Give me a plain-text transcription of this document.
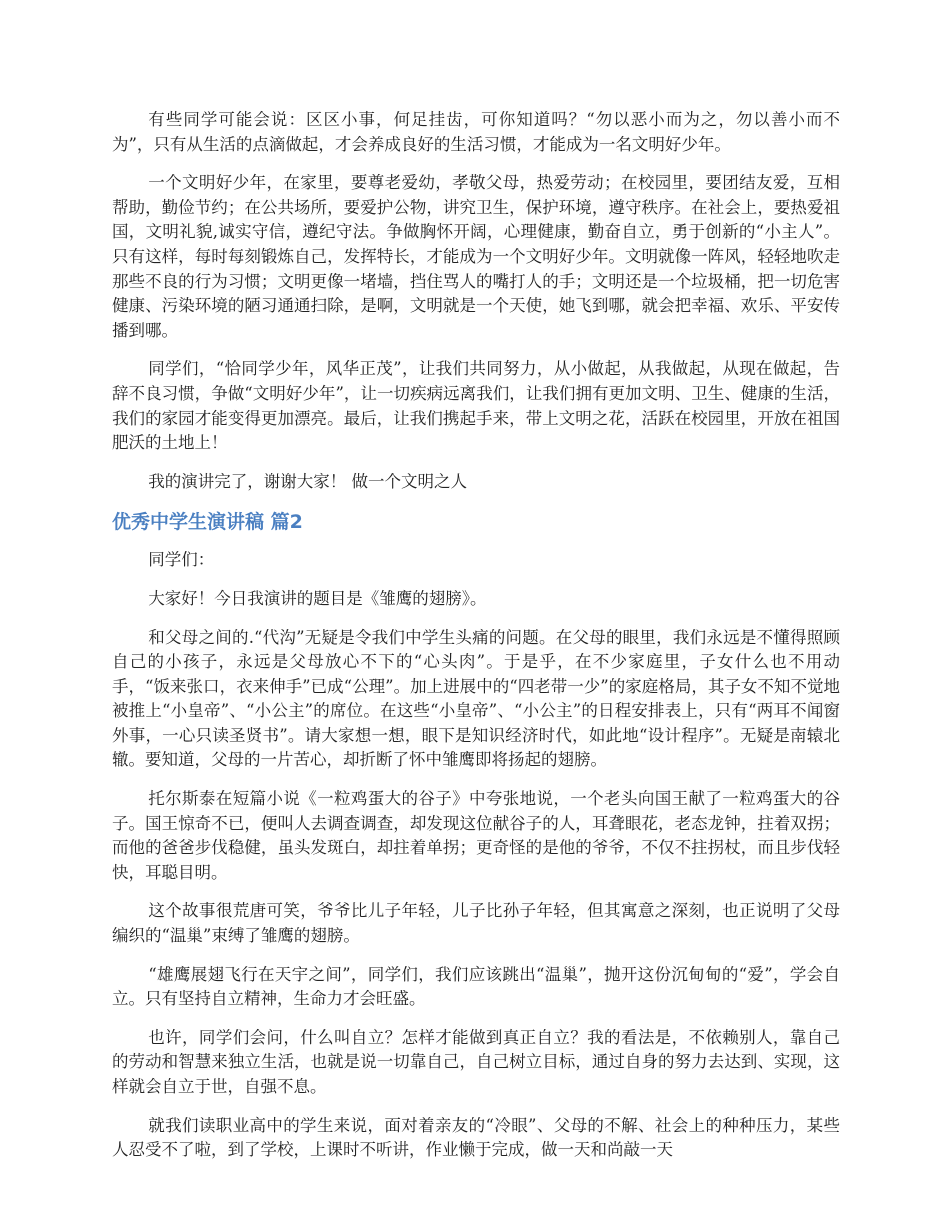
有些同学可能会说：区区小事，何足挂齿，可你知道吗？“勿以恶小而为之，勿以善小而不为”，只有从生活的点滴做起，才会养成良好的生活习惯，才能成为一名文明好少年。

一个文明好少年，在家里，要尊老爱幼，孝敬父母，热爱劳动；在校园里，要团结友爱，互相帮助，勤俭节约；在公共场所，要爱护公物，讲究卫生，保护环境，遵守秩序。在社会上，要热爱祖国，文明礼貌,诚实守信，遵纪守法。争做胸怀开阔，心理健康，勤奋自立，勇于创新的“小主人”。只有这样，每时每刻锻炼自己，发挥特长，才能成为一个文明好少年。文明就像一阵风，轻轻地吹走那些不良的行为习惯；文明更像一堵墙，挡住骂人的嘴打人的手；文明还是一个垃圾桶，把一切危害健康、污染环境的陋习通通扫除，是啊，文明就是一个天使，她飞到哪，就会把幸福、欢乐、平安传播到哪。

同学们，“恰同学少年，风华正茂”，让我们共同努力，从小做起，从我做起，从现在做起，告辞不良习惯，争做“文明好少年”，让一切疾病远离我们，让我们拥有更加文明、卫生、健康的生活，我们的家园才能变得更加漂亮。最后，让我们携起手来，带上文明之花，活跃在校园里，开放在祖国肥沃的土地上！

我的演讲完了，谢谢大家！ 做一个文明之人

优秀中学生演讲稿 篇2

同学们：

大家好！今日我演讲的题目是《雏鹰的翅膀》。

和父母之间的.“代沟”无疑是令我们中学生头痛的问题。在父母的眼里，我们永远是不懂得照顾自己的小孩子，永远是父母放心不下的“心头肉”。于是乎，在不少家庭里，子女什么也不用动手，“饭来张口，衣来伸手”已成“公理”。加上进展中的“四老带一少”的家庭格局，其子女不知不觉地被推上“小皇帝”、“小公主”的席位。在这些“小皇帝”、“小公主”的日程安排表上，只有“两耳不闻窗外事，一心只读圣贤书”。请大家想一想，眼下是知识经济时代，如此地“设计程序”。无疑是南辕北辙。要知道，父母的一片苦心，却折断了怀中雏鹰即将扬起的翅膀。

托尔斯泰在短篇小说《一粒鸡蛋大的谷子》中夸张地说，一个老头向国王献了一粒鸡蛋大的谷子。国王惊奇不已，便叫人去调查调查，却发现这位献谷子的人，耳聋眼花，老态龙钟，拄着双拐；而他的爸爸步伐稳健，虽头发斑白，却拄着单拐；更奇怪的是他的爷爷，不仅不拄拐杖，而且步伐轻快，耳聪目明。

这个故事很荒唐可笑，爷爷比儿子年轻，儿子比孙子年轻，但其寓意之深刻，也正说明了父母编织的“温巢”束缚了雏鹰的翅膀。

“雄鹰展翅飞行在天宇之间”，同学们，我们应该跳出“温巢”，抛开这份沉甸甸的“爱”，学会自立。只有坚持自立精神，生命力才会旺盛。

也许，同学们会问，什么叫自立？怎样才能做到真正自立？我的看法是，不依赖别人，靠自己的劳动和智慧来独立生活，也就是说一切靠自己，自己树立目标，通过自身的努力去达到、实现，这样就会自立于世，自强不息。

就我们读职业高中的学生来说，面对着亲友的“冷眼”、父母的不解、社会上的种种压力，某些人忍受不了啦，到了学校，上课时不听讲，作业懒于完成，做一天和尚敲一天
